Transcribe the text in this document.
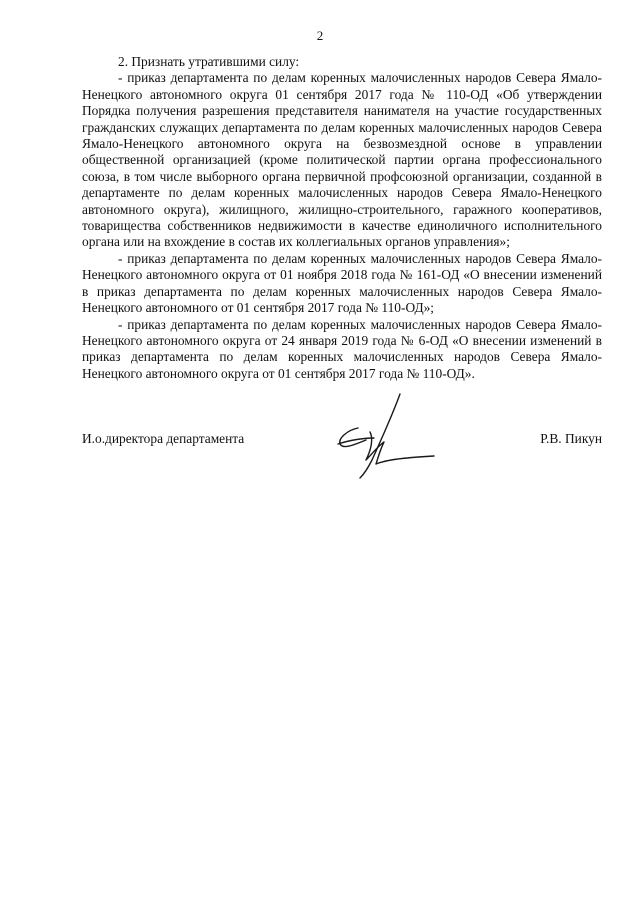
2

2. Признать утратившими силу:

- приказ департамента по делам коренных малочисленных народов Севера Ямало-Ненецкого автономного округа 01 сентября 2017 года № 110-ОД «Об утверждении Порядка получения разрешения представителя нанимателя на участие государственных гражданских служащих департамента по делам коренных малочисленных народов Севера Ямало-Ненецкого автономного округа на безвозмездной основе в управлении общественной организацией (кроме политической партии органа профессионального союза, в том числе выборного органа первичной профсоюзной организации, созданной в департаменте по делам коренных малочисленных народов Севера Ямало-Ненецкого автономного округа), жилищного, жилищно-строительного, гаражного кооперативов, товарищества собственников недвижимости в качестве единоличного исполнительного органа или на вхождение в состав их коллегиальных органов управления»;

- приказ департамента по делам коренных малочисленных народов Севера Ямало-Ненецкого автономного округа от 01 ноября 2018 года № 161-ОД «О внесении изменений в приказ департамента по делам коренных малочисленных народов Севера Ямало-Ненецкого автономного от 01 сентября 2017 года № 110-ОД»;

- приказ департамента по делам коренных малочисленных народов Севера Ямало-Ненецкого автономного округа от 24 января 2019 года № 6-ОД «О внесении изменений в приказ департамента по делам коренных малочисленных народов Севера Ямало-Ненецкого автономного округа от 01 сентября 2017 года № 110-ОД».

И.о.директора департамента	Р.В. Пикун
